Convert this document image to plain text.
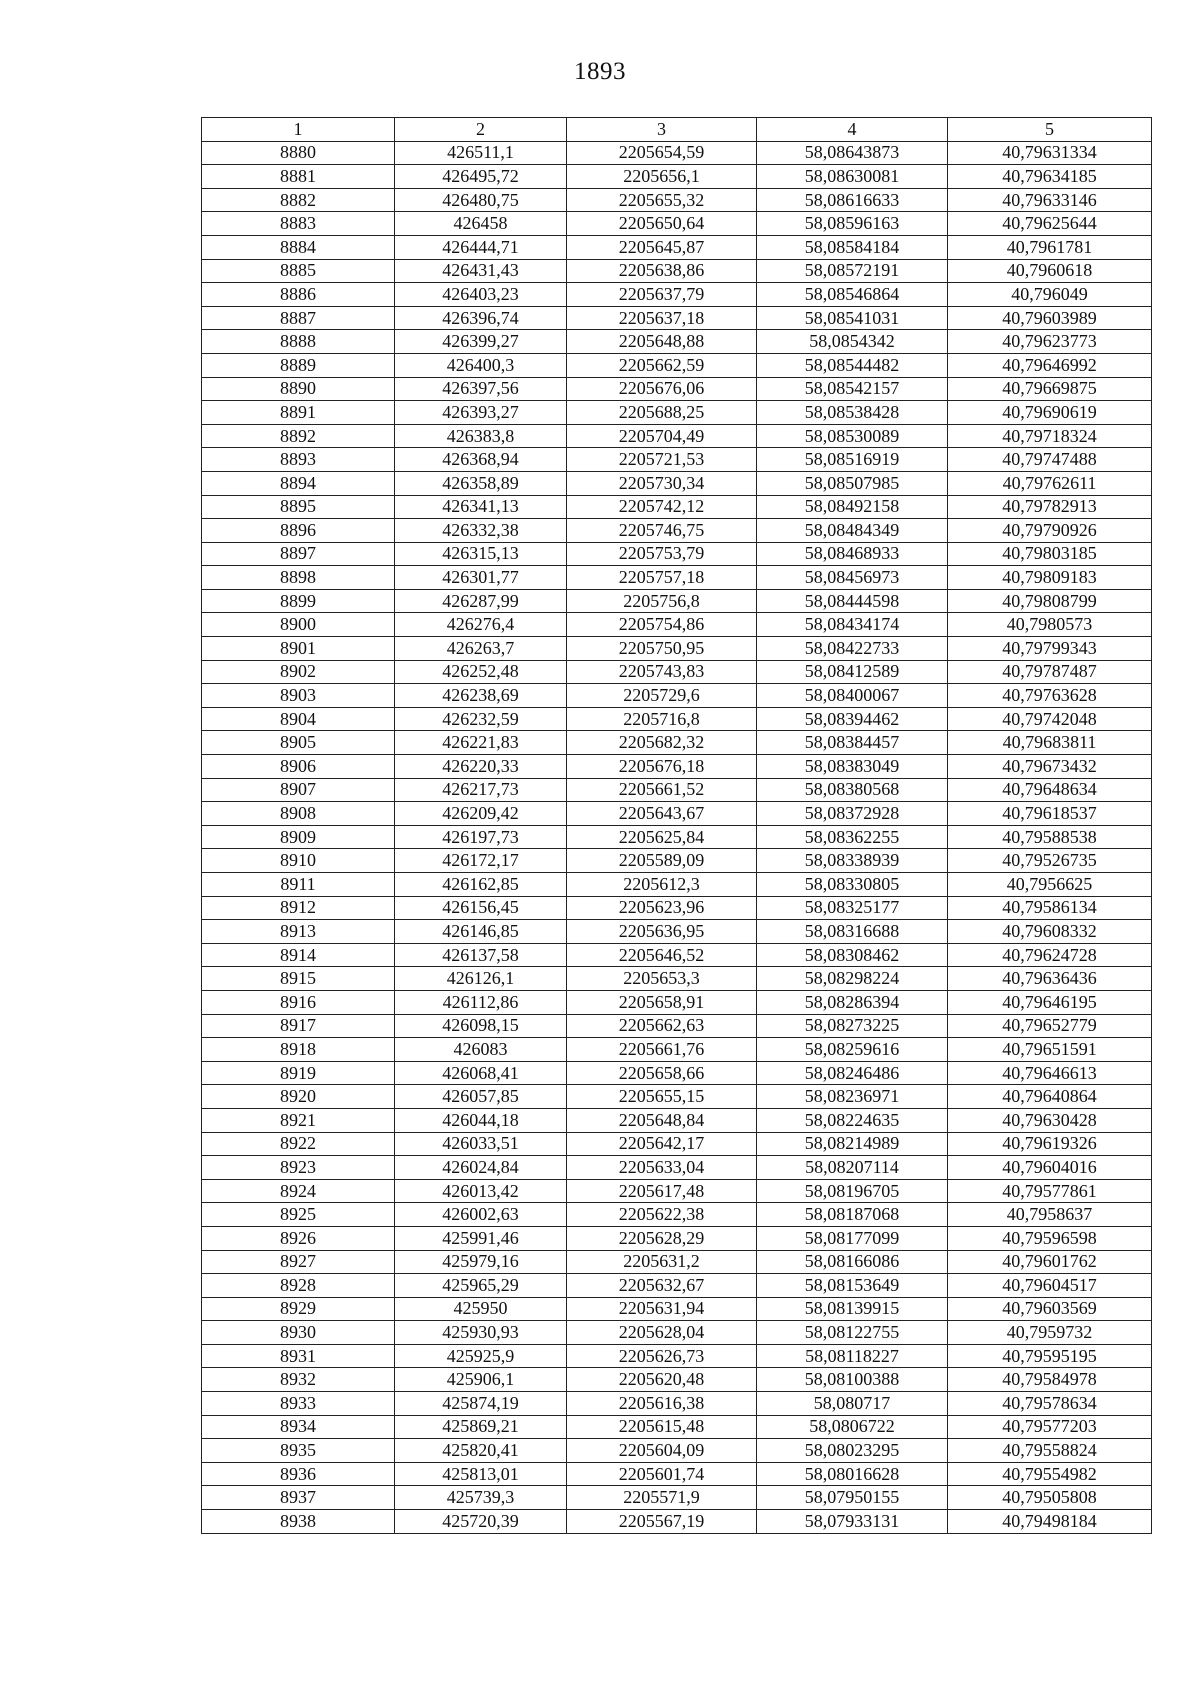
1893
1	2	3	4	5
8880	426511,1	2205654,59	58,08643873	40,79631334
8881	426495,72	2205656,1	58,08630081	40,79634185
8882	426480,75	2205655,32	58,08616633	40,79633146
8883	426458	2205650,64	58,08596163	40,79625644
8884	426444,71	2205645,87	58,08584184	40,7961781
8885	426431,43	2205638,86	58,08572191	40,7960618
8886	426403,23	2205637,79	58,08546864	40,796049
8887	426396,74	2205637,18	58,08541031	40,79603989
8888	426399,27	2205648,88	58,0854342	40,79623773
8889	426400,3	2205662,59	58,08544482	40,79646992
8890	426397,56	2205676,06	58,08542157	40,79669875
8891	426393,27	2205688,25	58,08538428	40,79690619
8892	426383,8	2205704,49	58,08530089	40,79718324
8893	426368,94	2205721,53	58,08516919	40,79747488
8894	426358,89	2205730,34	58,08507985	40,79762611
8895	426341,13	2205742,12	58,08492158	40,79782913
8896	426332,38	2205746,75	58,08484349	40,79790926
8897	426315,13	2205753,79	58,08468933	40,79803185
8898	426301,77	2205757,18	58,08456973	40,79809183
8899	426287,99	2205756,8	58,08444598	40,79808799
8900	426276,4	2205754,86	58,08434174	40,7980573
8901	426263,7	2205750,95	58,08422733	40,79799343
8902	426252,48	2205743,83	58,08412589	40,79787487
8903	426238,69	2205729,6	58,08400067	40,79763628
8904	426232,59	2205716,8	58,08394462	40,79742048
8905	426221,83	2205682,32	58,08384457	40,79683811
8906	426220,33	2205676,18	58,08383049	40,79673432
8907	426217,73	2205661,52	58,08380568	40,79648634
8908	426209,42	2205643,67	58,08372928	40,79618537
8909	426197,73	2205625,84	58,08362255	40,79588538
8910	426172,17	2205589,09	58,08338939	40,79526735
8911	426162,85	2205612,3	58,08330805	40,7956625
8912	426156,45	2205623,96	58,08325177	40,79586134
8913	426146,85	2205636,95	58,08316688	40,79608332
8914	426137,58	2205646,52	58,08308462	40,79624728
8915	426126,1	2205653,3	58,08298224	40,79636436
8916	426112,86	2205658,91	58,08286394	40,79646195
8917	426098,15	2205662,63	58,08273225	40,79652779
8918	426083	2205661,76	58,08259616	40,79651591
8919	426068,41	2205658,66	58,08246486	40,79646613
8920	426057,85	2205655,15	58,08236971	40,79640864
8921	426044,18	2205648,84	58,08224635	40,79630428
8922	426033,51	2205642,17	58,08214989	40,79619326
8923	426024,84	2205633,04	58,08207114	40,79604016
8924	426013,42	2205617,48	58,08196705	40,79577861
8925	426002,63	2205622,38	58,08187068	40,7958637
8926	425991,46	2205628,29	58,08177099	40,79596598
8927	425979,16	2205631,2	58,08166086	40,79601762
8928	425965,29	2205632,67	58,08153649	40,79604517
8929	425950	2205631,94	58,08139915	40,79603569
8930	425930,93	2205628,04	58,08122755	40,7959732
8931	425925,9	2205626,73	58,08118227	40,79595195
8932	425906,1	2205620,48	58,08100388	40,79584978
8933	425874,19	2205616,38	58,080717	40,79578634
8934	425869,21	2205615,48	58,0806722	40,79577203
8935	425820,41	2205604,09	58,08023295	40,79558824
8936	425813,01	2205601,74	58,08016628	40,79554982
8937	425739,3	2205571,9	58,07950155	40,79505808
8938	425720,39	2205567,19	58,07933131	40,79498184
